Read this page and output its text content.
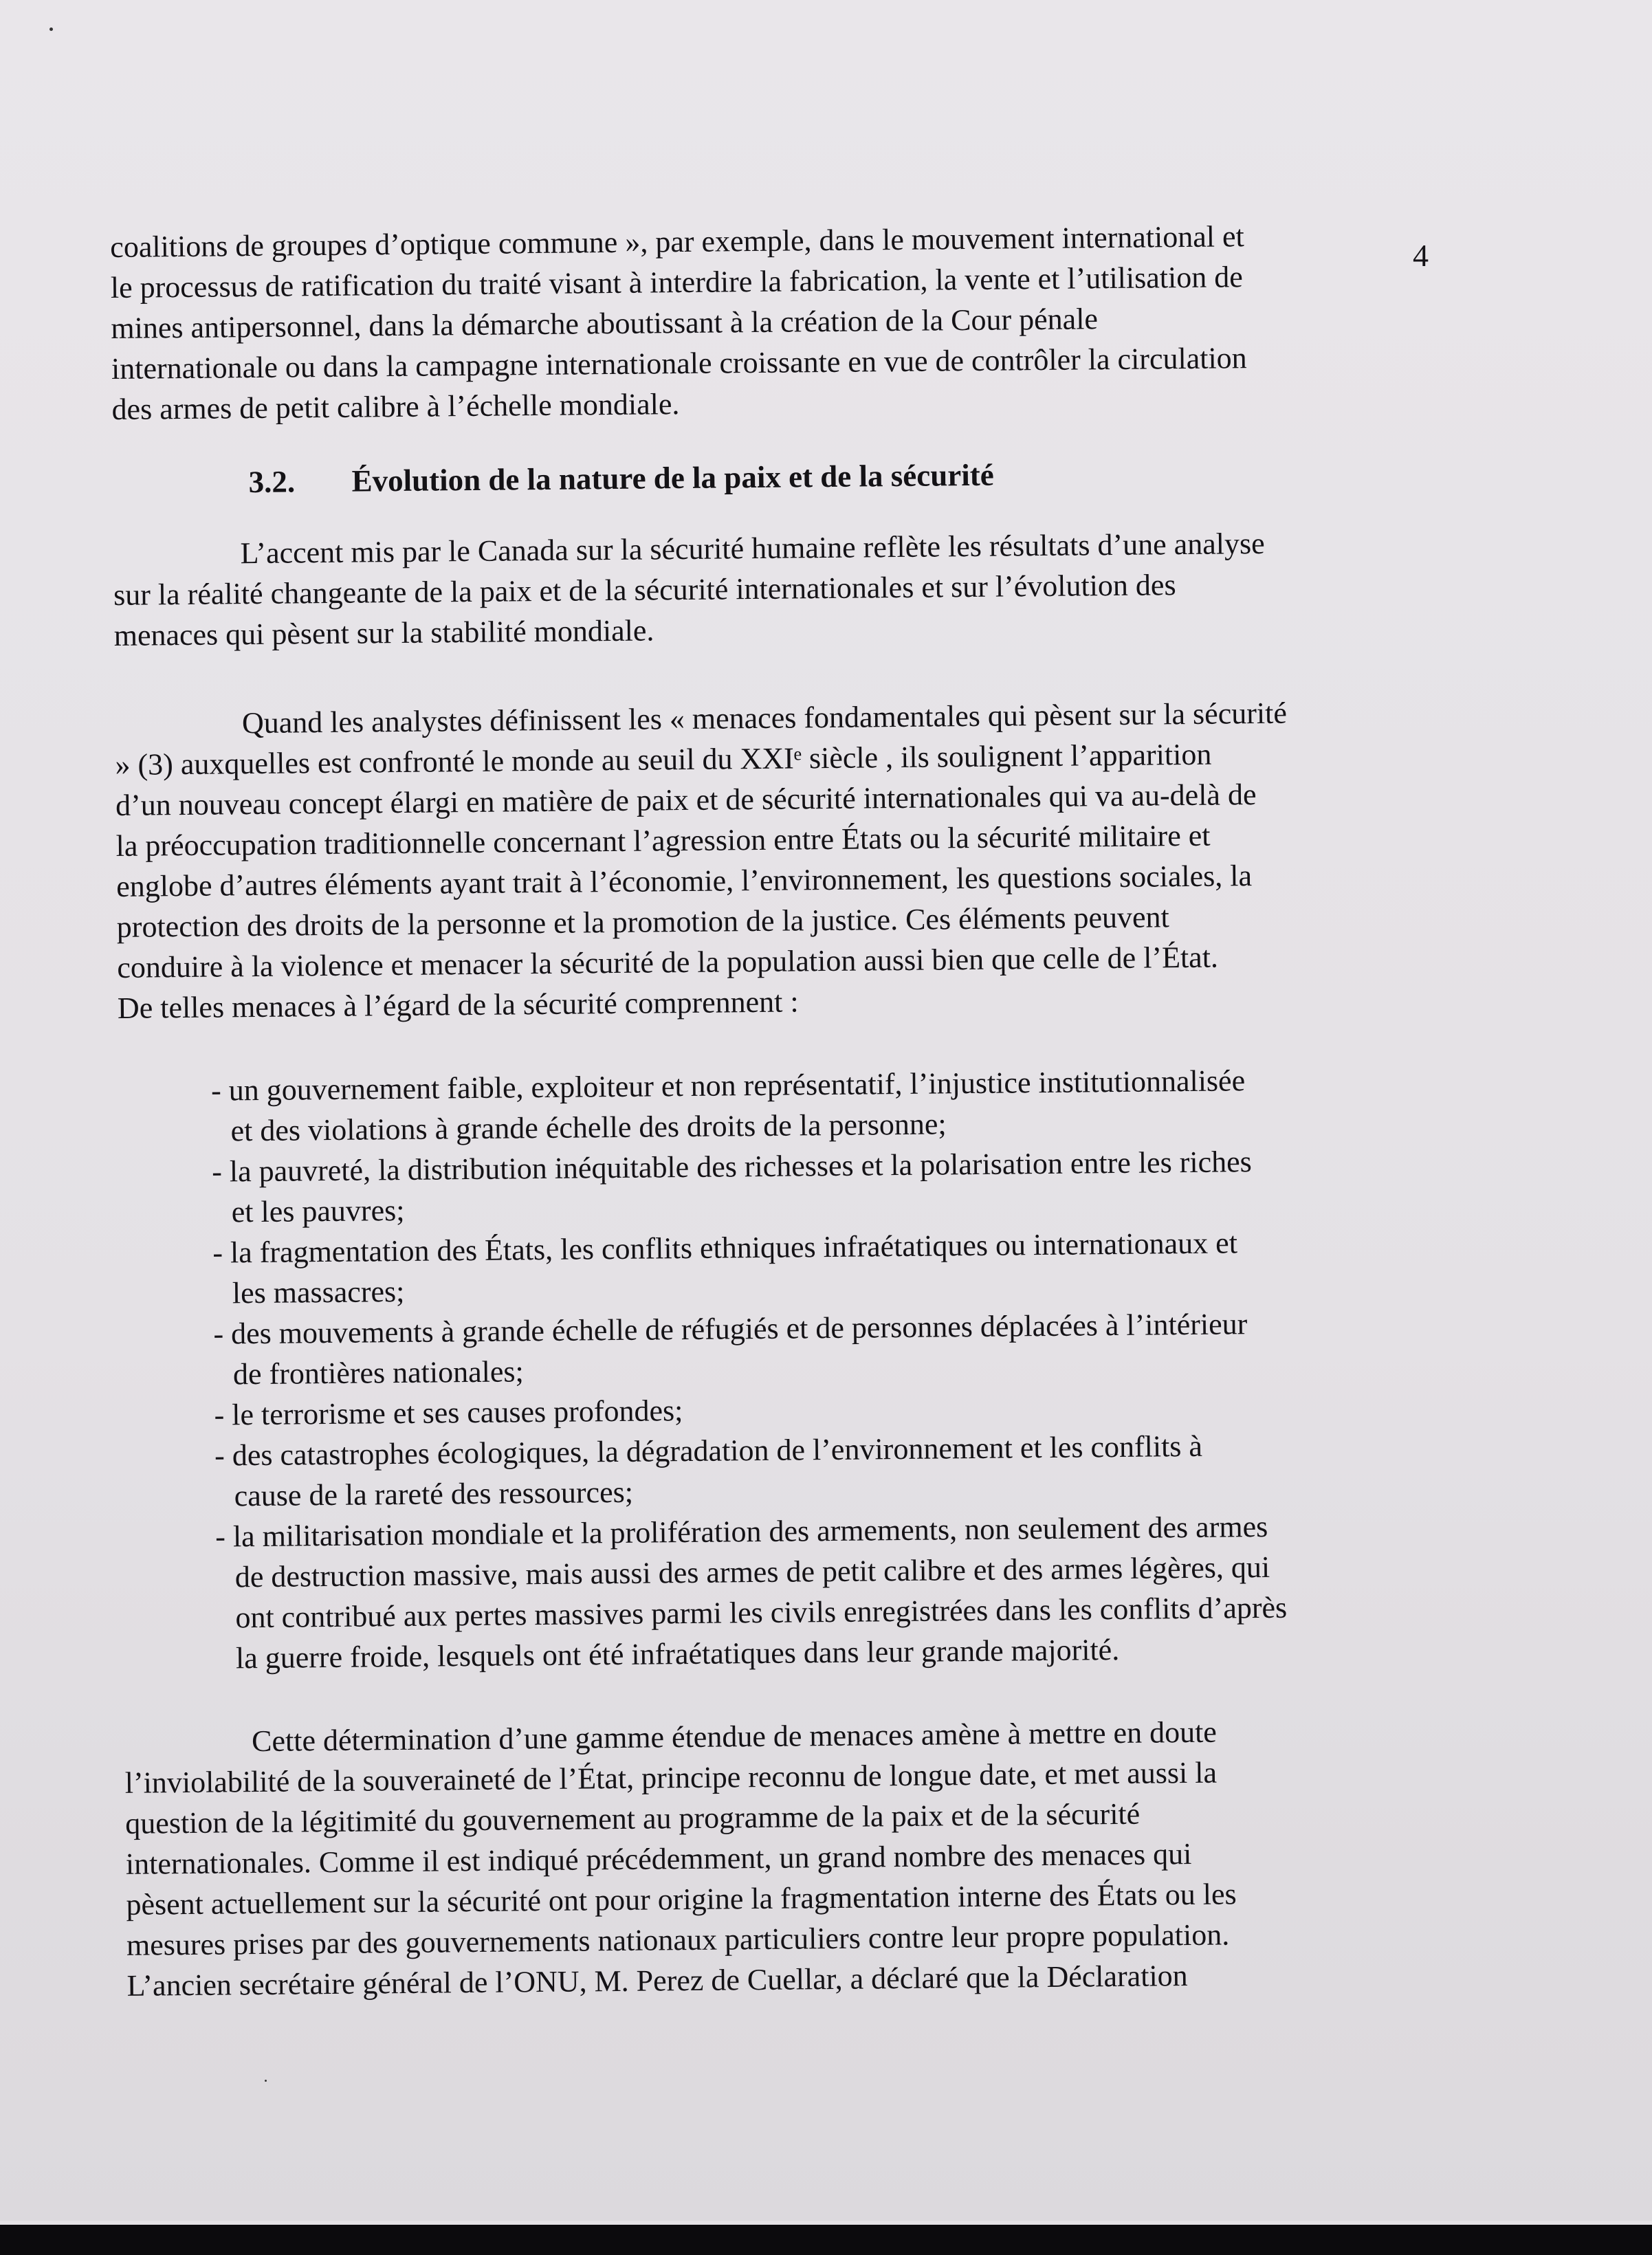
4
coalitions de groupes d’optique commune », par exemple, dans le mouvement international et
le processus de ratification du traité visant à interdire la fabrication, la vente et l’utilisation de
mines antipersonnel, dans la démarche aboutissant à la création de la Cour pénale
internationale ou dans la campagne internationale croissante en vue de contrôler la circulation
des armes de petit calibre à l’échelle mondiale.
3.2. Évolution de la nature de la paix et de la sécurité
L’accent mis par le Canada sur la sécurité humaine reflète les résultats d’une analyse
sur la réalité changeante de la paix et de la sécurité internationales et sur l’évolution des
menaces qui pèsent sur la stabilité mondiale.
Quand les analystes définissent les « menaces fondamentales qui pèsent sur la sécurité
» (3) auxquelles est confronté le monde au seuil du XXIᵉ siècle , ils soulignent l’apparition
d’un nouveau concept élargi en matière de paix et de sécurité internationales qui va au-delà de
la préoccupation traditionnelle concernant l’agression entre États ou la sécurité militaire et
englobe d’autres éléments ayant trait à l’économie, l’environnement, les questions sociales, la
protection des droits de la personne et la promotion de la justice. Ces éléments peuvent
conduire à la violence et menacer la sécurité de la population aussi bien que celle de l’État.
De telles menaces à l’égard de la sécurité comprennent :
- un gouvernement faible, exploiteur et non représentatif, l’injustice institutionnalisée
et des violations à grande échelle des droits de la personne;
- la pauvreté, la distribution inéquitable des richesses et la polarisation entre les riches
et les pauvres;
- la fragmentation des États, les conflits ethniques infraétatiques ou internationaux et
les massacres;
- des mouvements à grande échelle de réfugiés et de personnes déplacées à l’intérieur
de frontières nationales;
- le terrorisme et ses causes profondes;
- des catastrophes écologiques, la dégradation de l’environnement et les conflits à
cause de la rareté des ressources;
- la militarisation mondiale et la prolifération des armements, non seulement des armes
de destruction massive, mais aussi des armes de petit calibre et des armes légères, qui
ont contribué aux pertes massives parmi les civils enregistrées dans les conflits d’après
la guerre froide, lesquels ont été infraétatiques dans leur grande majorité.
Cette détermination d’une gamme étendue de menaces amène à mettre en doute
l’inviolabilité de la souveraineté de l’État, principe reconnu de longue date, et met aussi la
question de la légitimité du gouvernement au programme de la paix et de la sécurité
internationales. Comme il est indiqué précédemment, un grand nombre des menaces qui
pèsent actuellement sur la sécurité ont pour origine la fragmentation interne des États ou les
mesures prises par des gouvernements nationaux particuliers contre leur propre population.
L’ancien secrétaire général de l’ONU, M. Perez de Cuellar, a déclaré que la Déclaration
